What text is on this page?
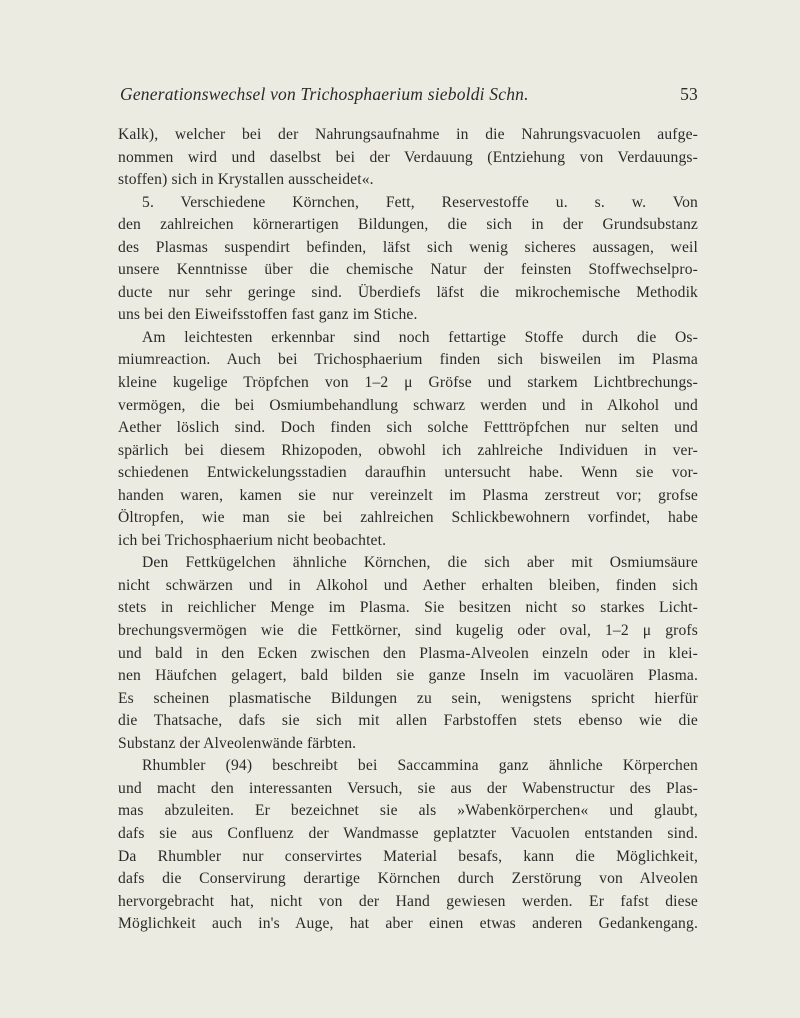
Generationswechsel von Trichosphaerium sieboldi Schn.	53
Kalk), welcher bei der Nahrungsaufnahme in die Nahrungsvacuolen aufge-
nommen wird und daselbst bei der Verdauung (Entziehung von Verdauungs-
stoffen) sich in Krystallen ausscheidet«.
5. Verschiedene Körnchen, Fett, Reservestoffe u. s. w. Von
den zahlreichen körnerartigen Bildungen, die sich in der Grundsubstanz
des Plasmas suspendirt befinden, läfst sich wenig sicheres aussagen, weil
unsere Kenntnisse über die chemische Natur der feinsten Stoffwechselpro-
ducte nur sehr geringe sind. Überdiefs läfst die mikrochemische Methodik
uns bei den Eiweifsstoffen fast ganz im Stiche.
Am leichtesten erkennbar sind noch fettartige Stoffe durch die Os-
miumreaction. Auch bei Trichosphaerium finden sich bisweilen im Plasma
kleine kugelige Tröpfchen von 1–2 μ Gröfse und starkem Lichtbrechungs-
vermögen, die bei Osmiumbehandlung schwarz werden und in Alkohol und
Aether löslich sind. Doch finden sich solche Fetttröpfchen nur selten und
spärlich bei diesem Rhizopoden, obwohl ich zahlreiche Individuen in ver-
schiedenen Entwickelungsstadien daraufhin untersucht habe. Wenn sie vor-
handen waren, kamen sie nur vereinzelt im Plasma zerstreut vor; grofse
Öltropfen, wie man sie bei zahlreichen Schlickbewohnern vorfindet, habe
ich bei Trichosphaerium nicht beobachtet.
Den Fettkügelchen ähnliche Körnchen, die sich aber mit Osmiumsäure
nicht schwärzen und in Alkohol und Aether erhalten bleiben, finden sich
stets in reichlicher Menge im Plasma. Sie besitzen nicht so starkes Licht-
brechungsvermögen wie die Fettkörner, sind kugelig oder oval, 1–2 μ grofs
und bald in den Ecken zwischen den Plasma-Alveolen einzeln oder in klei-
nen Häufchen gelagert, bald bilden sie ganze Inseln im vacuolären Plasma.
Es scheinen plasmatische Bildungen zu sein, wenigstens spricht hierfür
die Thatsache, dafs sie sich mit allen Farbstoffen stets ebenso wie die
Substanz der Alveolenwände färbten.
Rhumbler (94) beschreibt bei Saccammina ganz ähnliche Körperchen
und macht den interessanten Versuch, sie aus der Wabenstructur des Plas-
mas abzuleiten. Er bezeichnet sie als »Wabenkörperchen« und glaubt,
dafs sie aus Confluenz der Wandmasse geplatzter Vacuolen entstanden sind.
Da Rhumbler nur conservirtes Material besafs, kann die Möglichkeit,
dafs die Conservirung derartige Körnchen durch Zerstörung von Alveolen
hervorgebracht hat, nicht von der Hand gewiesen werden. Er fafst diese
Möglichkeit auch in's Auge, hat aber einen etwas anderen Gedankengang.
